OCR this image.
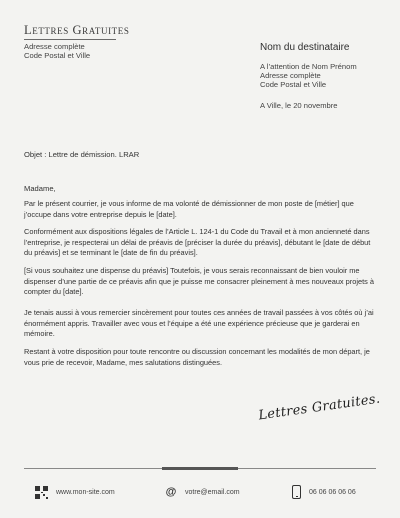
Lettres Gratuites
Adresse complète
Code Postal et Ville
Nom du destinataire
A l’attention de Nom Prénom
Adresse complète
Code Postal et Ville
A Ville, le 20 novembre
Objet : Lettre de démission. LRAR
Madame,

Par le présent courrier, je vous informe de ma volonté de démissionner de mon poste de [métier] que j’occupe dans votre entreprise depuis le [date].

Conformément aux dispositions légales de l’Article L. 124-1 du Code du Travail et à mon ancienneté dans l’entreprise, je respecterai un délai de préavis de [préciser la durée du préavis], débutant le [date de début du préavis] et se terminant le [date de fin du préavis].

[Si vous souhaitez une dispense du préavis] Toutefois, je vous serais reconnaissant de bien vouloir me dispenser d’une partie de ce préavis afin que je puisse me consacrer pleinement à mes nouveaux projets à compter du [date].

Je tenais aussi à vous remercier sincèrement pour toutes ces années de travail passées à vos côtés où j’ai énormément appris. Travailler avec vous et l’équipe a été une expérience précieuse que je garderai en mémoire.

Restant à votre disposition pour toute rencontre ou discussion concernant les modalités de mon départ, je vous prie de recevoir, Madame, mes salutations distinguées.

Lettres Gratuites.
www.mon-site.com	@ votre@email.com	06 06 06 06 06
